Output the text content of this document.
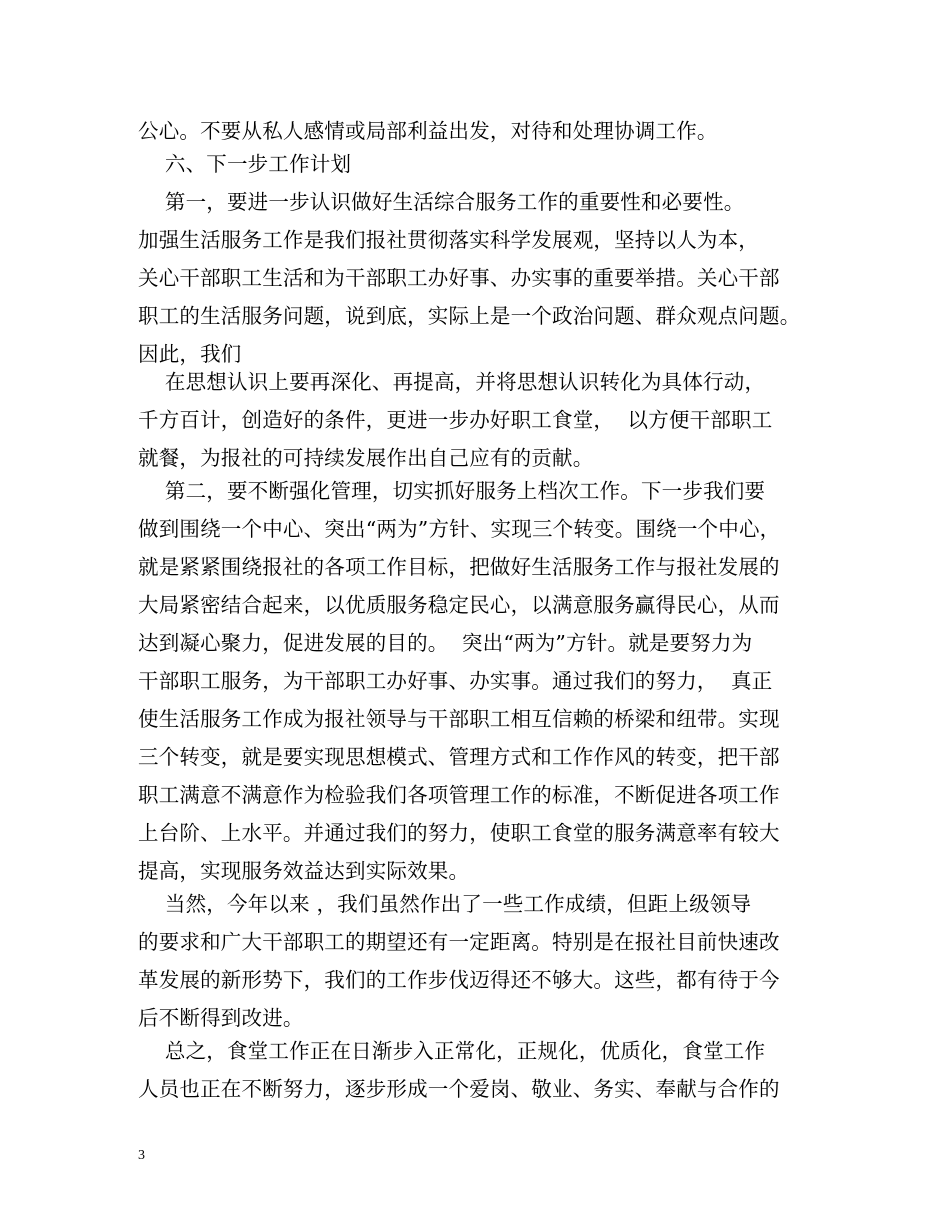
公心。不要从私人感情或局部利益出发，对待和处理协调工作。
六、下一步工作计划
第一，要进一步认识做好生活综合服务工作的重要性和必要性。
加强生活服务工作是我们报社贯彻落实科学发展观，坚持以人为本，
关心干部职工生活和为干部职工办好事、办实事的重要举措。关心干部
职工的生活服务问题，说到底，实际上是一个政治问题、群众观点问题。
因此，我们
在思想认识上要再深化、再提高，并将思想认识转化为具体行动，
千方百计，创造好的条件，更进一步办好职工食堂，  以方便干部职工
就餐，为报社的可持续发展作出自己应有的贡献。
第二，要不断强化管理，切实抓好服务上档次工作。下一步我们要
做到围绕一个中心、突出“两为”方针、实现三个转变。围绕一个中心，
就是紧紧围绕报社的各项工作目标，把做好生活服务工作与报社发展的
大局紧密结合起来，以优质服务稳定民心，以满意服务赢得民心，从而
达到凝心聚力，促进发展的目的。  突出“两为”方针。就是要努力为
干部职工服务，为干部职工办好事、办实事。通过我们的努力，  真正
使生活服务工作成为报社领导与干部职工相互信赖的桥梁和纽带。实现
三个转变，就是要实现思想模式、管理方式和工作作风的转变，把干部
职工满意不满意作为检验我们各项管理工作的标准，不断促进各项工作
上台阶、上水平。并通过我们的努力，使职工食堂的服务满意率有较大
提高，实现服务效益达到实际效果。
当然，今年以来 ，我们虽然作出了一些工作成绩，但距上级领导
的要求和广大干部职工的期望还有一定距离。特别是在报社目前快速改
革发展的新形势下，我们的工作步伐迈得还不够大。这些，都有待于今
后不断得到改进。
总之，食堂工作正在日渐步入正常化，正规化，优质化，食堂工作
人员也正在不断努力，逐步形成一个爱岗、敬业、务实、奉献与合作的
3
